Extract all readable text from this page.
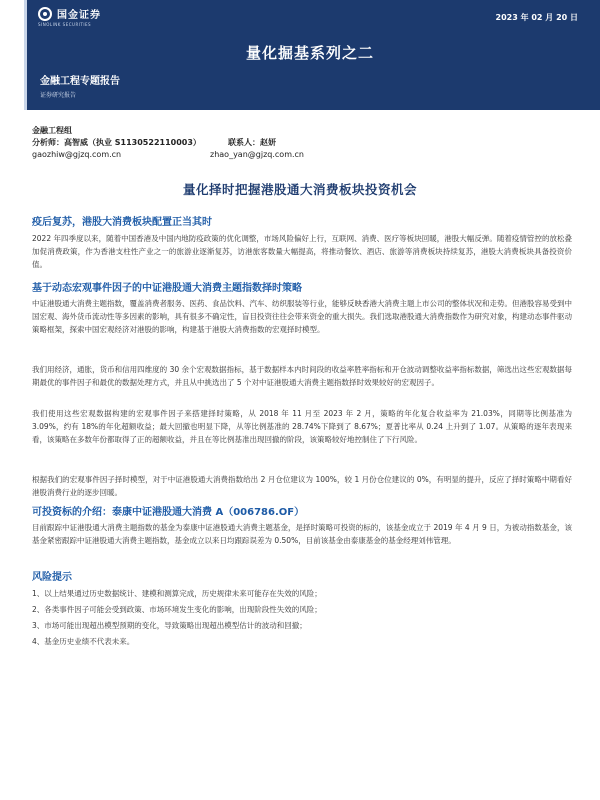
国金证券
SINOLINK SECURITIES
2023 年 02 月 20 日
量化掘基系列之二
金融工程专题报告
证券研究报告
金融工程组
分析师：高智威（执业 S1130522110003）	联系人：赵妍
gaozhiw@gjzq.com.cn	zhao_yan@gjzq.com.cn
量化择时把握港股通大消费板块投资机会
疫后复苏，港股大消费板块配置正当其时

2022 年四季度以来，随着中国香港及中国内地防疫政策的优化调整，市场风险偏好上行，互联网、消费、医疗等板块回暖，港股大幅反弹。随着疫情管控的放松叠加促消费政策，作为香港支柱性产业之一的旅游业逐渐复苏，访港旅客数量大幅提高，将推动餐饮、酒店、旅游等消费板块持续复苏，港股大消费板块具备投资价值。

基于动态宏观事件因子的中证港股通大消费主题指数择时策略

中证港股通大消费主题指数，覆盖消费者服务、医药、食品饮料、汽车、纺织服装等行业，能够反映香港大消费主题上市公司的整体状况和走势。但港股容易受到中国宏观、海外货币流动性等多因素的影响，具有很多不确定性，盲目投资往往会带来资金的重大损失。我们选取港股通大消费指数作为研究对象，构建动态事件驱动策略框架，探索中国宏观经济对港股的影响，构建基于港股大消费指数的宏观择时模型。

我们用经济，通胀，货币和信用四维度的 30 余个宏观数据指标，基于数据样本内时间段的收益率胜率指标和开仓波动调整收益率指标数据，筛选出这些宏观数据每期最优的事件因子和最优的数据处理方式，并且从中挑选出了 5 个对中证港股通大消费主题指数择时效果较好的宏观因子。

我们使用这些宏观数据构建的宏观事件因子来搭建择时策略，从 2018 年 11 月至 2023 年 2 月，策略的年化复合收益率为 21.03%，同期等比例基准为 3.09%，约有 18%的年化超额收益；最大回撤也明显下降，从等比例基准的 28.74%下降到了 8.67%；夏普比率从 0.24 上升到了 1.07。从策略的逐年表现来看，该策略在多数年份都取得了正的超额收益，并且在等比例基准出现回撤的阶段，该策略较好地控制住了下行风险。

根据我们的宏观事件因子择时模型，对于中证港股通大消费指数给出 2 月仓位建议为 100%，较 1 月份仓位建议的 0%，有明显的提升，反应了择时策略中期看好港股消费行业的逐步回暖。

可投资标的介绍：泰康中证港股通大消费 A（006786.OF）

目前跟踪中证港股通大消费主题指数的基金为泰康中证港股通大消费主题基金，是择时策略可投资的标的，该基金成立于 2019 年 4 月 9 日，为被动指数基金，该基金紧密跟踪中证港股通大消费主题指数，基金成立以来日均跟踪误差为 0.50%，目前该基金由泰康基金的基金经理刘伟管理。

风险提示

1、以上结果通过历史数据统计、建模和测算完成，历史规律未来可能存在失效的风险；

2、各类事件因子可能会受到政策、市场环境发生变化的影响，出现阶段性失效的风险；

3、市场可能出现超出模型预期的变化，导致策略出现超出模型估计的波动和回撤；

4、基金历史业绩不代表未来。
